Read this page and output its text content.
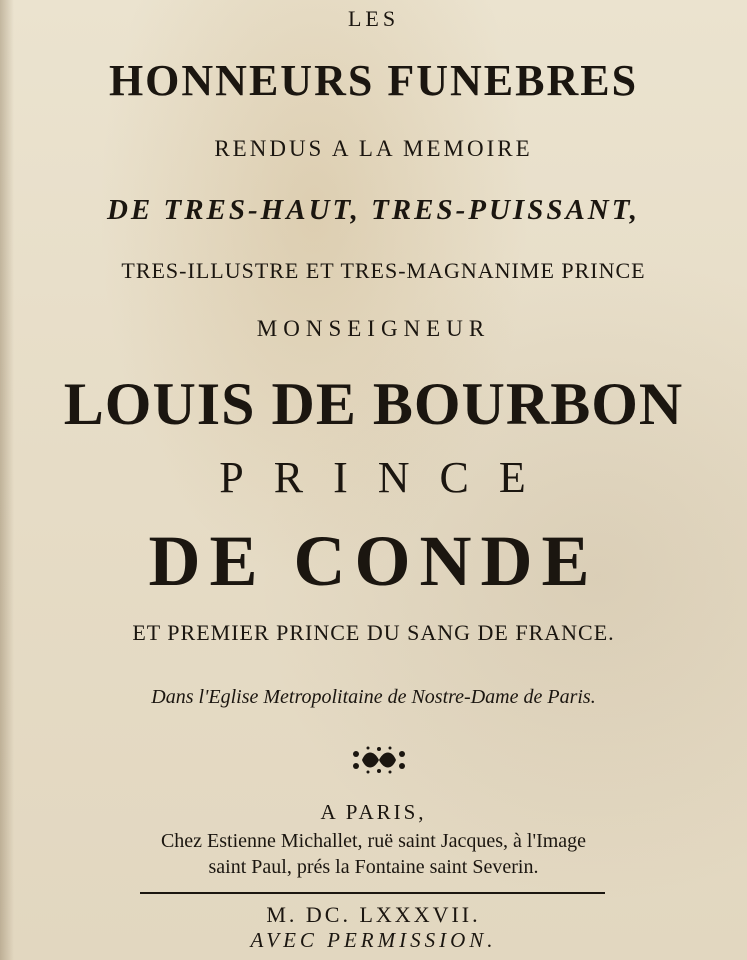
LES

HONNEURS FUNEBRES

RENDUS A LA MEMOIRE

DE TRES-HAUT, TRES-PUISSANT,

TRES-ILLUSTRE ET TRES-MAGNANIME PRINCE

MONSEIGNEUR

LOUIS DE BOURBON

PRINCE

DE CONDE

ET PREMIER PRINCE DU SANG DE FRANCE.

Dans l'Eglise Metropolitaine de Nostre-Dame de Paris.

A PARIS,

Chez Estienne Michallet, ruë saint Jacques, à l'Image

saint Paul, prés la Fontaine saint Severin.

M. DC. LXXXVII.

AVEC PERMISSION.
